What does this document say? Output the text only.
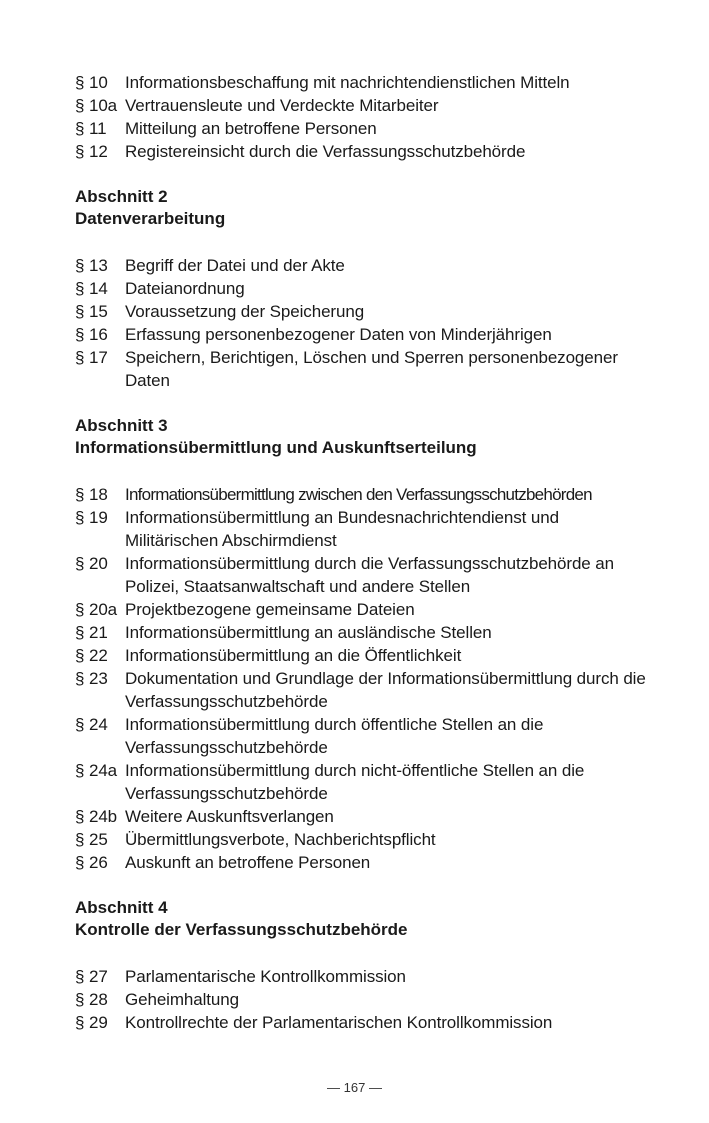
§ 10	Informationsbeschaffung mit nachrichtendienstlichen Mitteln
§ 10a Vertrauensleute und Verdeckte Mitarbeiter
§ 11	Mitteilung an betroffene Personen
§ 12	Registereinsicht durch die Verfassungsschutzbehörde
Abschnitt 2
Datenverarbeitung
§ 13	Begriff der Datei und der Akte
§ 14	Dateianordnung
§ 15	Voraussetzung der Speicherung
§ 16	Erfassung personenbezogener Daten von Minderjährigen
§ 17	Speichern, Berichtigen, Löschen und Sperren personenbezogener Daten
Abschnitt 3
Informationsübermittlung und Auskunftserteilung
§ 18	Informationsübermittlung zwischen den Verfassungsschutzbehörden
§ 19	Informationsübermittlung an Bundesnachrichtendienst und Militärischen Abschirmdienst
§ 20	Informationsübermittlung durch die Verfassungsschutzbehörde an Polizei, Staatsanwaltschaft und andere Stellen
§ 20a Projektbezogene gemeinsame Dateien
§ 21	Informationsübermittlung an ausländische Stellen
§ 22	Informationsübermittlung an die Öffentlichkeit
§ 23	Dokumentation und Grundlage der Informationsübermittlung durch die Verfassungsschutzbehörde
§ 24	Informationsübermittlung durch öffentliche Stellen an die Verfassungsschutzbehörde
§ 24a Informationsübermittlung durch nicht-öffentliche Stellen an die Verfassungsschutzbehörde
§ 24b Weitere Auskunftsverlangen
§ 25	Übermittlungsverbote, Nachberichtspflicht
§ 26	Auskunft an betroffene Personen
Abschnitt 4
Kontrolle der Verfassungsschutzbehörde
§ 27	Parlamentarische Kontrollkommission
§ 28	Geheimhaltung
§ 29	Kontrollrechte der Parlamentarischen Kontrollkommission
— 167 —
